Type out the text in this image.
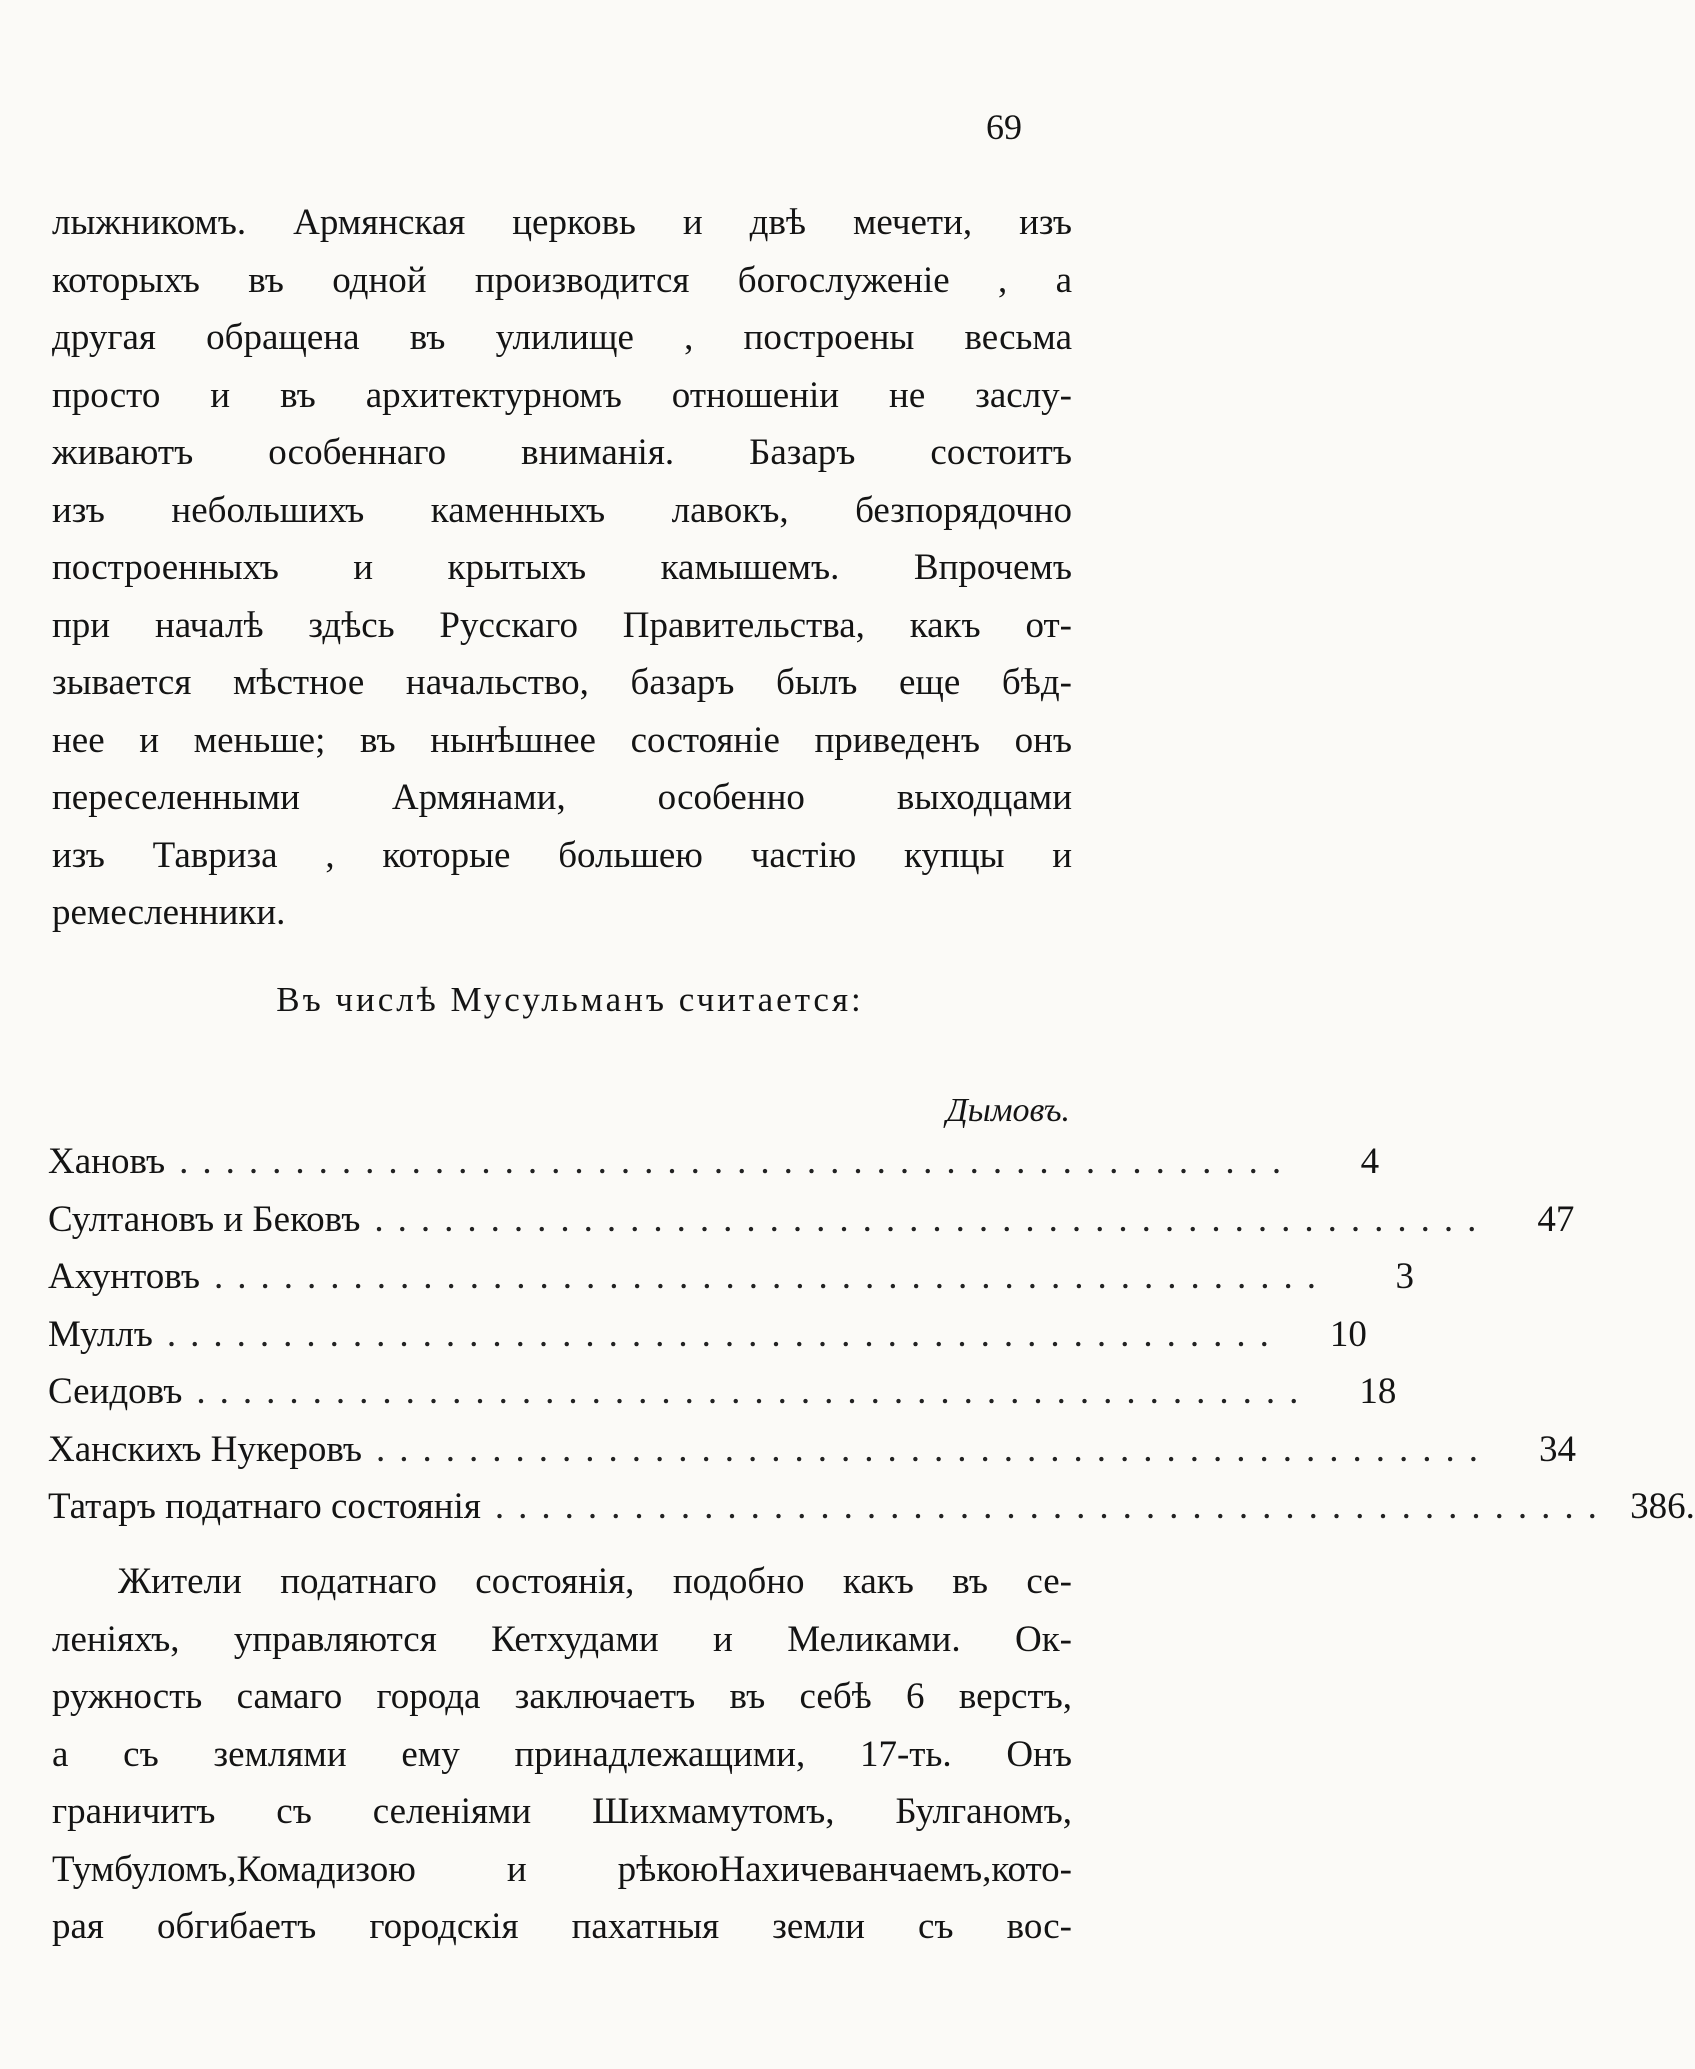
69

лыжникомъ. Армянская церковь и двѣ мечети, изъ

которыхъ въ одной производится богослуженіе , а

другая обращена въ улилище , построены весьма

просто и въ архитектурномъ отношеніи не заслу-

живаютъ особеннаго вниманія. Базаръ состоитъ

изъ небольшихъ каменныхъ лавокъ, безпорядочно

построенныхъ и крытыхъ камышемъ. Впрочемъ

при началѣ здѣсь Русскаго Правительства, какъ от-

зывается мѣстное начальство, базаръ былъ еще бѣд-

нее и меньше; въ нынѣшнее состояніе приведенъ онъ

переселенными Армянами, особенно выходцами

изъ Тавриза , которые большею частію купцы и

ремесленники.

Въ числѣ Мусульманъ считается:
Дымовъ.
Хановъ ................................................	4
Султановъ и Бековъ ................................................	47
Ахунтовъ ................................................	3
Муллъ ................................................	10
Сеидовъ ................................................	18
Ханскихъ Нукеровъ ................................................	34
Татаръ податнаго состоянія ................................................ 386.

Жители податнаго состоянія, подобно какъ въ се-

леніяхъ, управляются Кетхудами и Меликами. Ок-

ружность самаго города заключаетъ въ себѣ 6 верстъ,

а съ землями ему принадлежащими, 17-ть. Онъ

граничитъ съ селеніями Шихмамутомъ, Булганомъ,

Тумбуломъ,Комадизою и рѣкоюНахичеванчаемъ,кото-

рая обгибаетъ городскія пахатныя земли съ вос-
